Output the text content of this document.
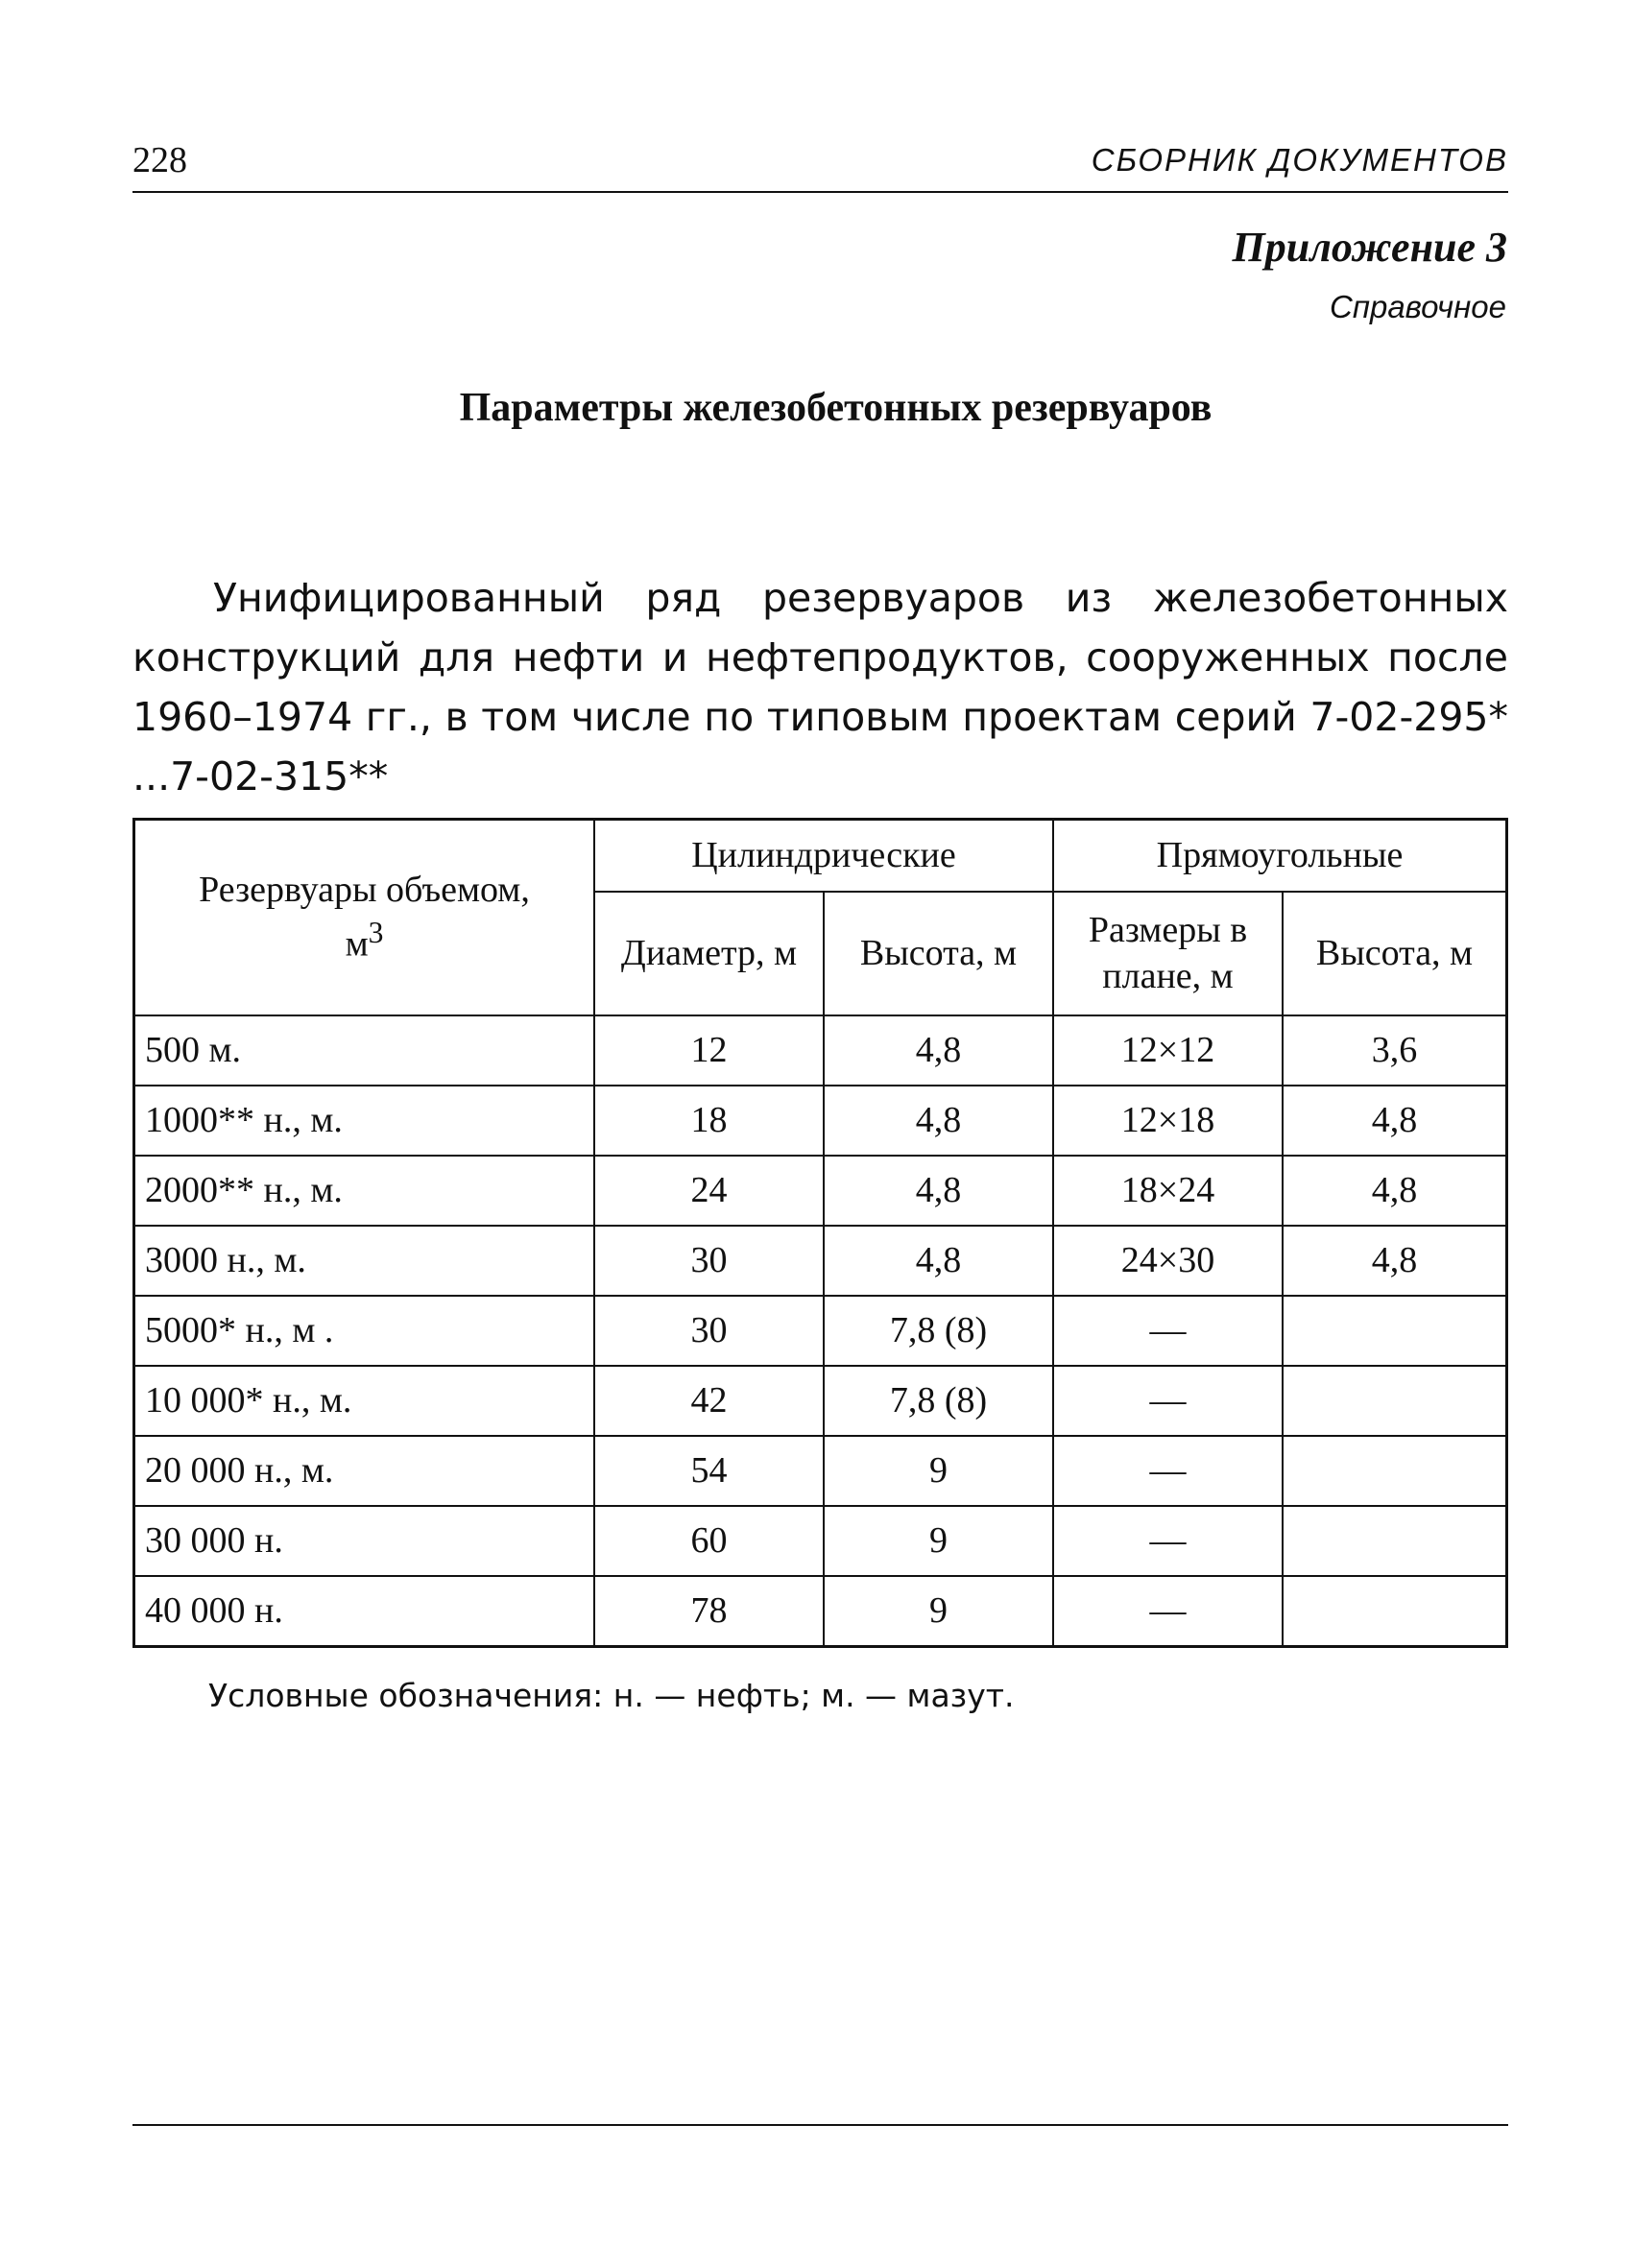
228	СБОРНИК ДОКУМЕНТОВ
Приложение 3
Справочное
Параметры железобетонных резервуаров

Унифицированный ряд резервуаров из железобетонных конструкций для нефти и нефтепродуктов, сооруженных после 1960–1974 гг., в том числе по типовым проектам серий 7-02-295* ...7-02-315**

Резервуары объемом,
$м^3$	Цилиндрические		Прямоугольные	
	Диаметр, м	Высота, м	Размеры в плане, м	Высота, м
500 м.	12	4,8	12×12	3,6
1000** н., м.	18	4,8	12×18	4,8
2000** н., м.	24	4,8	18×24	4,8
3000 н., м.	30	4,8	24×30	4,8
5000* н., м .	30	7,8 (8)	—	
10 000* н., м.	42	7,8 (8)	—	
20 000 н., м.	54	9	—	
30 000 н.	60	9	—	
40 000 н.	78	9	—	
Условные обозначения: н. — нефть; м. — мазут.
